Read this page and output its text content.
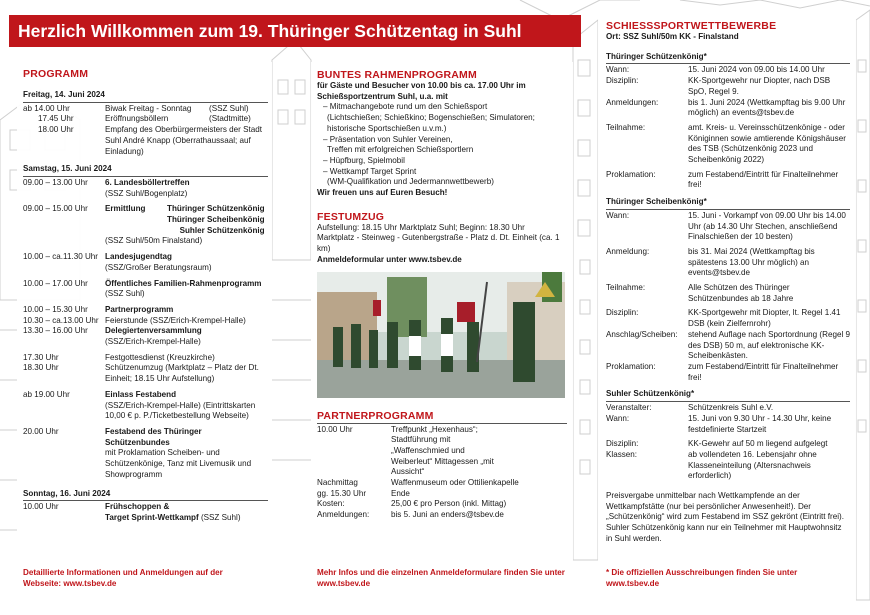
Herzlich Willkommen zum 19. Thüringer Schützentag in Suhl
PROGRAMM
Freitag, 14. Juni 2024
ab 14.00 Uhr	Biwak Freitag - Sonntag	(SSZ Suhl)
17.45 Uhr	Eröffnungsböllern	(Stadtmitte)
18.00 Uhr	Empfang des Oberbürgermeisters der Stadt Suhl André Knapp (Oberrathaussaal; auf Einladung)
Samstag, 15. Juni 2024
09.00 – 13.00 Uhr	6. Landesböllertreffen
(SSZ Suhl/Bogenplatz)
09.00 – 15.00 Uhr	Ermittlung	Thüringer Schützenkönig
Thüringer Scheibenkönig
Suhler Schützenkönig
(SSZ Suhl/50m Finalstand)
10.00 – ca.11.30 Uhr Landesjugendtag
(SSZ/Großer Beratungsraum)
10.00 – 17.00 Uhr	Öffentliches Familien-Rahmenprogramm
(SSZ Suhl)
10.00 – 15.30 Uhr	Partnerprogramm
10.30 – ca.13.00 Uhr Feierstunde (SSZ/Erich-Krempel-Halle)
13.30 – 16.00 Uhr	Delegiertenversammlung
(SSZ/Erich-Krempel-Halle)
17.30 Uhr	Festgottesdienst (Kreuzkirche)
18.30 Uhr	Schützenumzug (Marktplatz – Platz der Dt. Einheit; 18.15 Uhr Aufstellung)
ab 19.00 Uhr	Einlass Festabend
(SSZ/Erich-Krempel-Halle) (Eintrittskarten 10,00 € p. P./Ticketbestellung Webseite)
20.00 Uhr	Festabend des Thüringer Schützenbundes
mit Proklamation Scheiben- und Schützenkönige, Tanz mit Livemusik und Showprogramm
Sonntag, 16. Juni 2024
10.00 Uhr	Frühschoppen &
Target Sprint-Wettkampf (SSZ Suhl)
Detaillierte Informationen und Anmeldungen auf der Webseite: www.tsbev.de
BUNTES RAHMENPROGRAMM
für Gäste und Besucher von 10.00 bis ca. 17.00 Uhr im Schießsportzentrum Suhl, u.a. mit
– Mitmachangebote rund um den Schießsport
(Lichtschießen; Schießkino; Bogenschießen; Simulatoren;
historische Sportschießen u.v.m.)
– Präsentation von Suhler Vereinen,
Treffen mit erfolgreichen Schießsportlern
– Hüpfburg, Spielmobil
– Wettkampf Target Sprint
(WM-Qualifikation und Jedermannwettbewerb)
Wir freuen uns auf Euren Besuch!
FESTUMZUG
Aufstellung: 18.15 Uhr Marktplatz Suhl; Beginn: 18.30 Uhr
Marktplatz - Steinweg - Gutenbergstraße - Platz d. Dt. Einheit (ca. 1 km)
Anmeldeformular unter www.tsbev.de
PARTNERPROGRAMM
10.00 Uhr	Treffpunkt „Hexenhaus“; Stadtführung mit „Waffenschmied und Weiberleut“ Mittagessen „mit Aussicht“
Nachmittag	Waffenmuseum oder Ottilienkapelle
gg. 15.30 Uhr	Ende
Kosten:	25,00 € pro Person (inkl. Mittag)
Anmeldungen:	bis 5. Juni an enders@tsbev.de
Mehr Infos und die einzelnen Anmeldeformulare finden Sie unter www.tsbev.de
SCHIESSSPORTWETTBEWERBE
Ort: SSZ Suhl/50m KK - Finalstand
Thüringer Schützenkönig*
Wann:	15. Juni 2024 von 09.00 bis 14.00 Uhr
Disziplin:	KK-Sportgewehr nur Diopter, nach DSB SpO, Regel 9.
Anmeldungen:	bis 1. Juni 2024 (Wettkampftag bis 9.00 Uhr möglich) an events@tsbev.de
Teilnahme:	amt. Kreis- u. Vereinsschützenkönige - oder Königinnen sowie amtierende Königshäuser des TSB (Schützenkönig 2023 und Scheibenkönig 2022)
Proklamation:	zum Festabend/Eintritt für Finalteilnehmer frei!
Thüringer Scheibenkönig*
Wann:	15. Juni - Vorkampf von 09.00 Uhr bis 14.00 Uhr (ab 14.30 Uhr Stechen, anschließend Finalschießen der 10 besten)
Anmeldung:	bis 31. Mai 2024 (Wettkampftag bis spätestens 13.00 Uhr möglich) an events@tsbev.de
Teilnahme:	Alle Schützen des Thüringer Schützenbundes ab 18 Jahre
Disziplin:	KK-Sportgewehr mit Diopter, lt. Regel 1.41 DSB (kein Zielfernrohr)
Anschlag/Scheiben:	stehend Auflage nach Sportordnung (Regel 9 des DSB) 50 m, auf elektronische KK-Scheibenkästen.
Proklamation:	zum Festabend/Eintritt für Finalteilnehmer frei!
Suhler Schützenkönig*
Veranstalter:	Schützenkreis Suhl e.V.
Wann:	15. Juni von 9.30 Uhr - 14.30 Uhr, keine festdefinierte Startzeit
Disziplin:	KK-Gewehr auf 50 m liegend aufgelegt
Klassen:	ab vollendeten 16. Lebensjahr ohne Klasseneinteilung (Altersnachweis erforderlich)
Preisvergabe unmittelbar nach Wettkampfende an der Wettkampfstätte (nur bei persönlicher Anwesenheit!). Der „Schützenkönig“ wird zum Festabend im SSZ gekrönt (Eintritt frei). Suhler Schützenkönig kann nur ein Teilnehmer mit Hauptwohnsitz in Suhl werden.
* Die offiziellen Ausschreibungen finden Sie unter www.tsbev.de
